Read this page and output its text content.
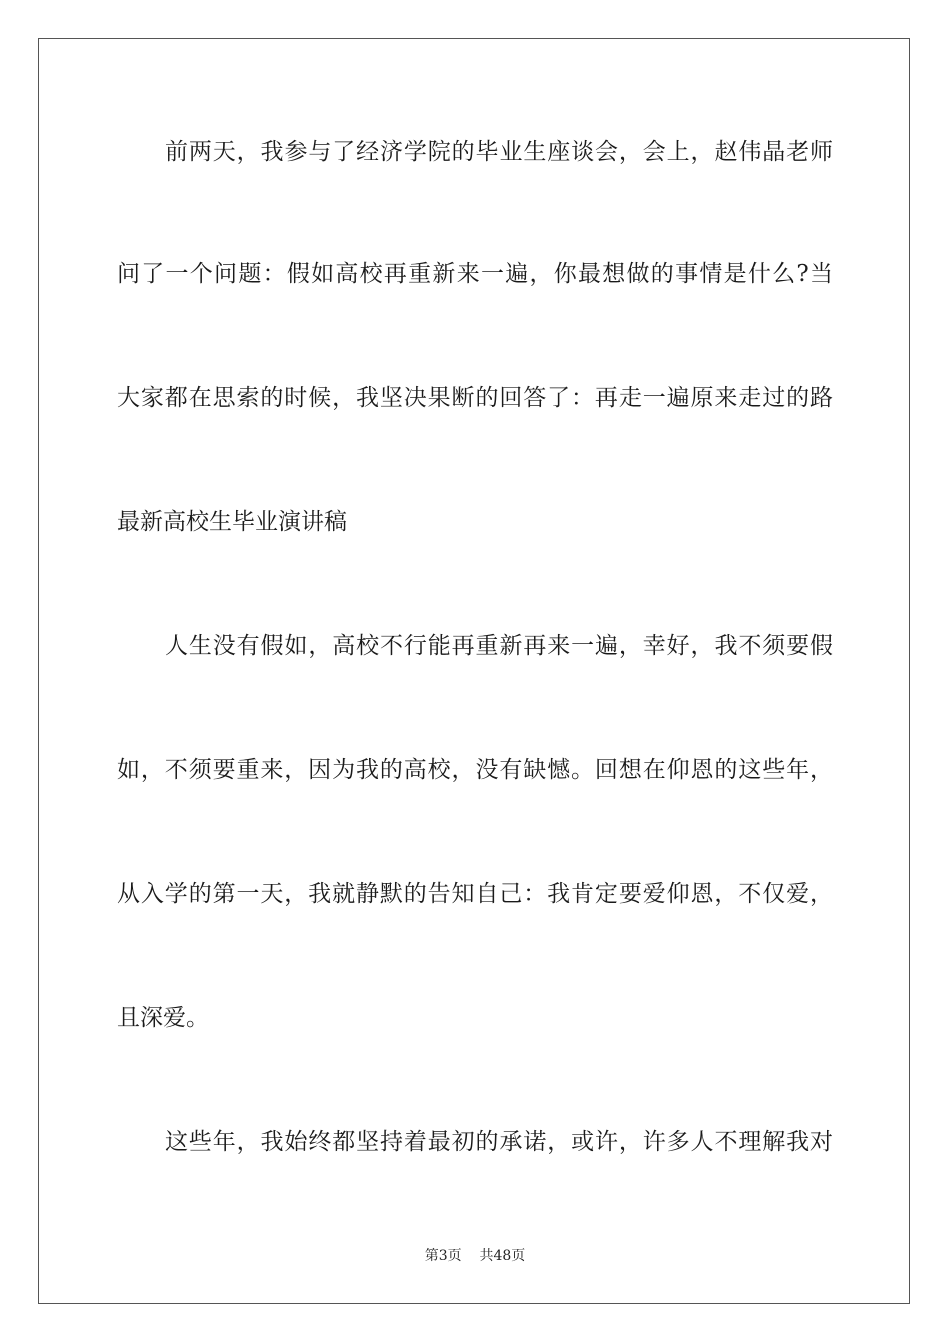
前两天，我参与了经济学院的毕业生座谈会，会上，赵伟晶老师
问了一个问题：假如高校再重新来一遍，你最想做的事情是什么?当
大家都在思索的时候，我坚决果断的回答了：再走一遍原来走过的路
最新高校生毕业演讲稿
人生没有假如，高校不行能再重新再来一遍，幸好，我不须要假
如，不须要重来，因为我的高校，没有缺憾。回想在仰恩的这些年，
从入学的第一天，我就静默的告知自己：我肯定要爱仰恩，不仅爱，
且深爱。
这些年，我始终都坚持着最初的承诺，或许，许多人不理解我对
第3页 共48页
